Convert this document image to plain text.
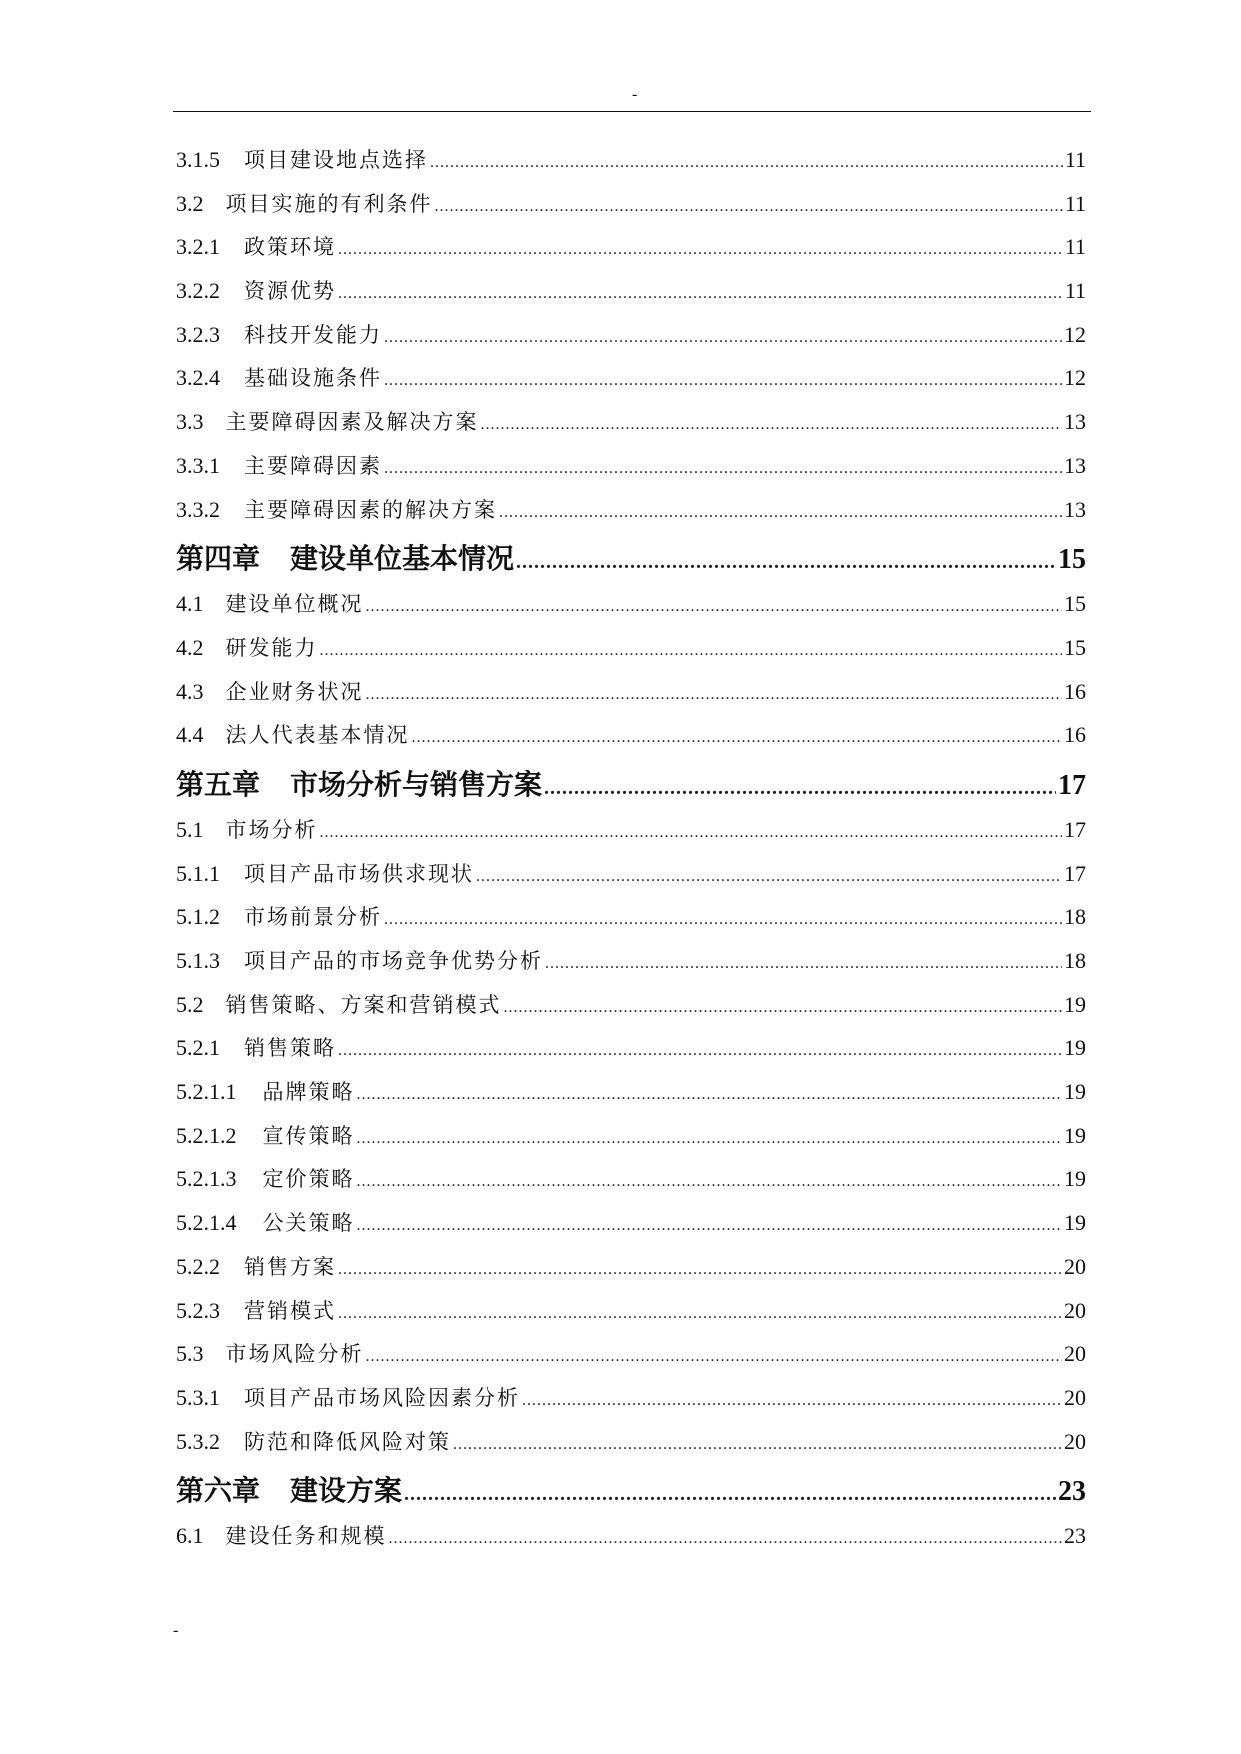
-
3.1.5	项目建设地点选择 .....	11
3.2	项目实施的有利条件 .....	11
3.2.1	政策环境 .....	11
3.2.2	资源优势 .....	11
3.2.3	科技开发能力 .....	12
3.2.4	基础设施条件 .....	12
3.3	主要障碍因素及解决方案 .....	13
3.3.1	主要障碍因素 .....	13
3.3.2	主要障碍因素的解决方案 .....	13
第四章	建设单位基本情况 .....	15
4.1	建设单位概况 .....	15
4.2	研发能力 .....	15
4.3	企业财务状况 .....	16
4.4	法人代表基本情况 .....	16
第五章	市场分析与销售方案 .....	17
5.1	市场分析 .....	17
5.1.1	项目产品市场供求现状 .....	17
5.1.2	市场前景分析 .....	18
5.1.3	项目产品的市场竞争优势分析 .....	18
5.2	销售策略、方案和营销模式 .....	19
5.2.1	销售策略 .....	19
5.2.1.1	品牌策略 .....	19
5.2.1.2	宣传策略 .....	19
5.2.1.3	定价策略 .....	19
5.2.1.4	公关策略 .....	19
5.2.2	销售方案 .....	20
5.2.3	营销模式 .....	20
5.3	市场风险分析 .....	20
5.3.1	项目产品市场风险因素分析 .....	20
5.3.2	防范和降低风险对策 .....	20
第六章	建设方案 .....	23
6.1	建设任务和规模 .....	23
-
